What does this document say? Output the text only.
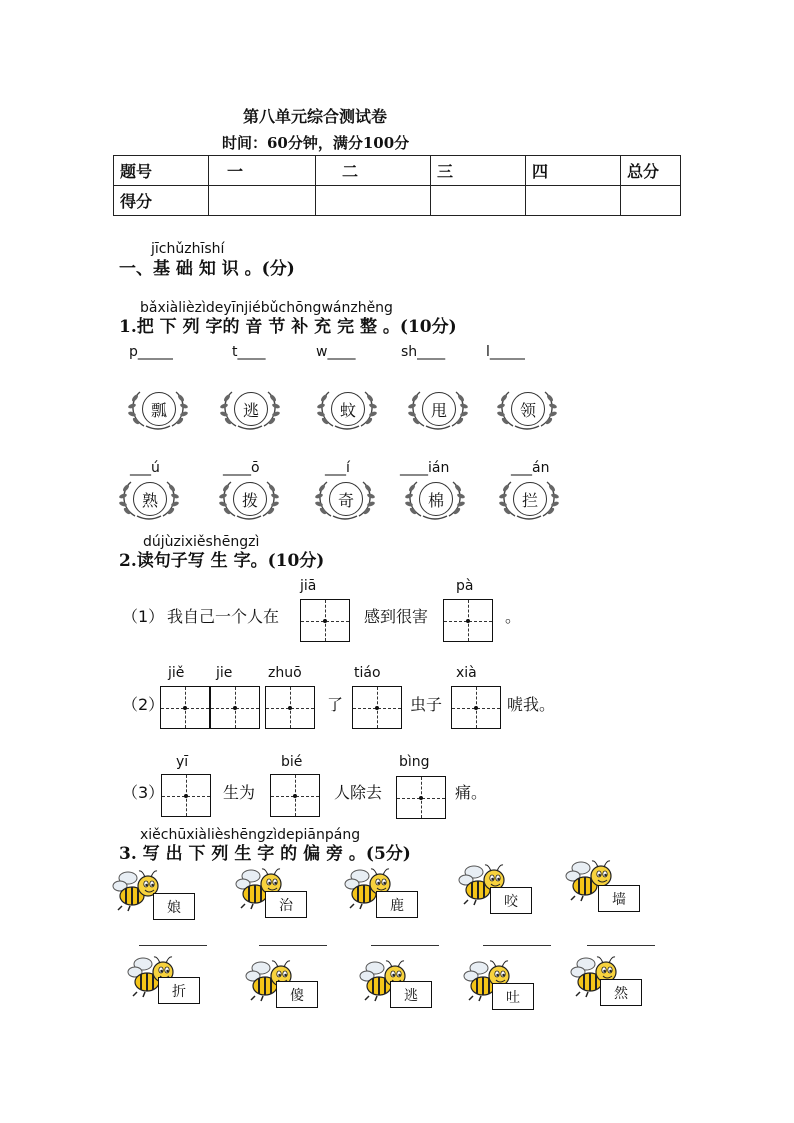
第八单元综合测试卷
时间：60分钟，满分100分
题号	一	二	三	四	总分
得分					
jīchǔzhīshí
一、基 础 知 识 。(分)
bǎxiàlièzìdeyīnjiébǔchōngwánzhěng
1.把 下 列 字的 音 节 补 充 完 整 。(10分)
p_____	t____	w____	sh____	l_____
瓢	逃	蚊	甩	领
___ú	____ō	___í	____ián	___án
熟	拨	奇	棉	拦
dújùzixiěshēngzì
2.读句子写 生 字。(10分)
jiā	pà
（1） 我自己一个人在	感到很害	。
jiě jie	zhuō	tiáo	xià
（2）	了	虫子	唬我。
yī	bié	bìng
（3）	生为	人除去	痛。
xiěchūxiàlièshēngzìdepiānpáng
3. 写 出 下 列 生 字 的 偏 旁 。(5分)
娘	治	鹿	咬	墙
折	傻	逃	吐	然
